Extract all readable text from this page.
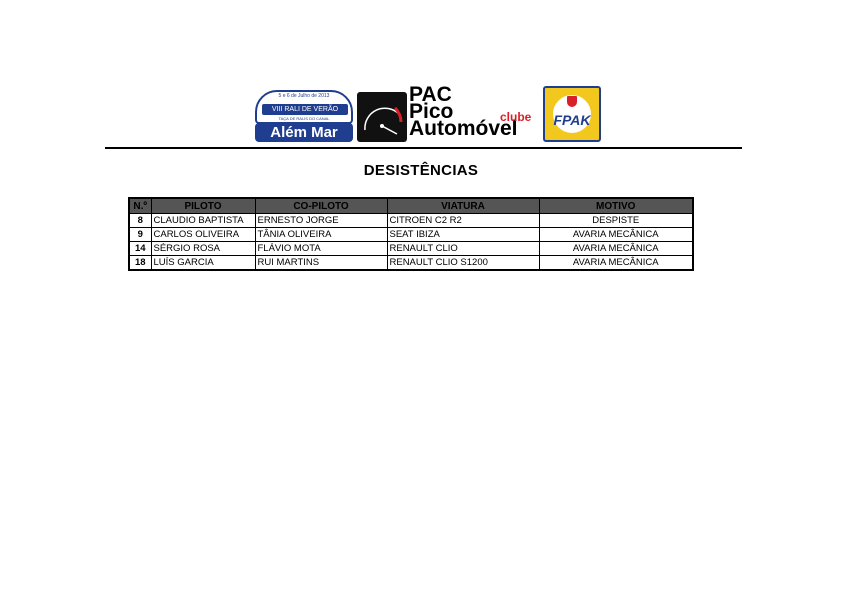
5 e 6 de Julho de 2013
VIII RALI DE VERÃO
TAÇA DE RALIS DO CANAL
Além Mar
PAC
Pico
Automóvel
clube	FPAK
DESISTÊNCIAS
N.º	PILOTO	CO-PILOTO	VIATURA	MOTIVO
8	CLAUDIO BAPTISTA	ERNESTO JORGE	CITROEN C2 R2	DESPISTE
9	CARLOS OLIVEIRA	TÂNIA OLIVEIRA	SEAT IBIZA	AVARIA MECÂNICA
14	SÉRGIO ROSA	FLÁVIO MOTA	RENAULT CLIO	AVARIA MECÂNICA
18	LUÍS GARCIA	RUI MARTINS	RENAULT CLIO S1200	AVARIA MECÂNICA
